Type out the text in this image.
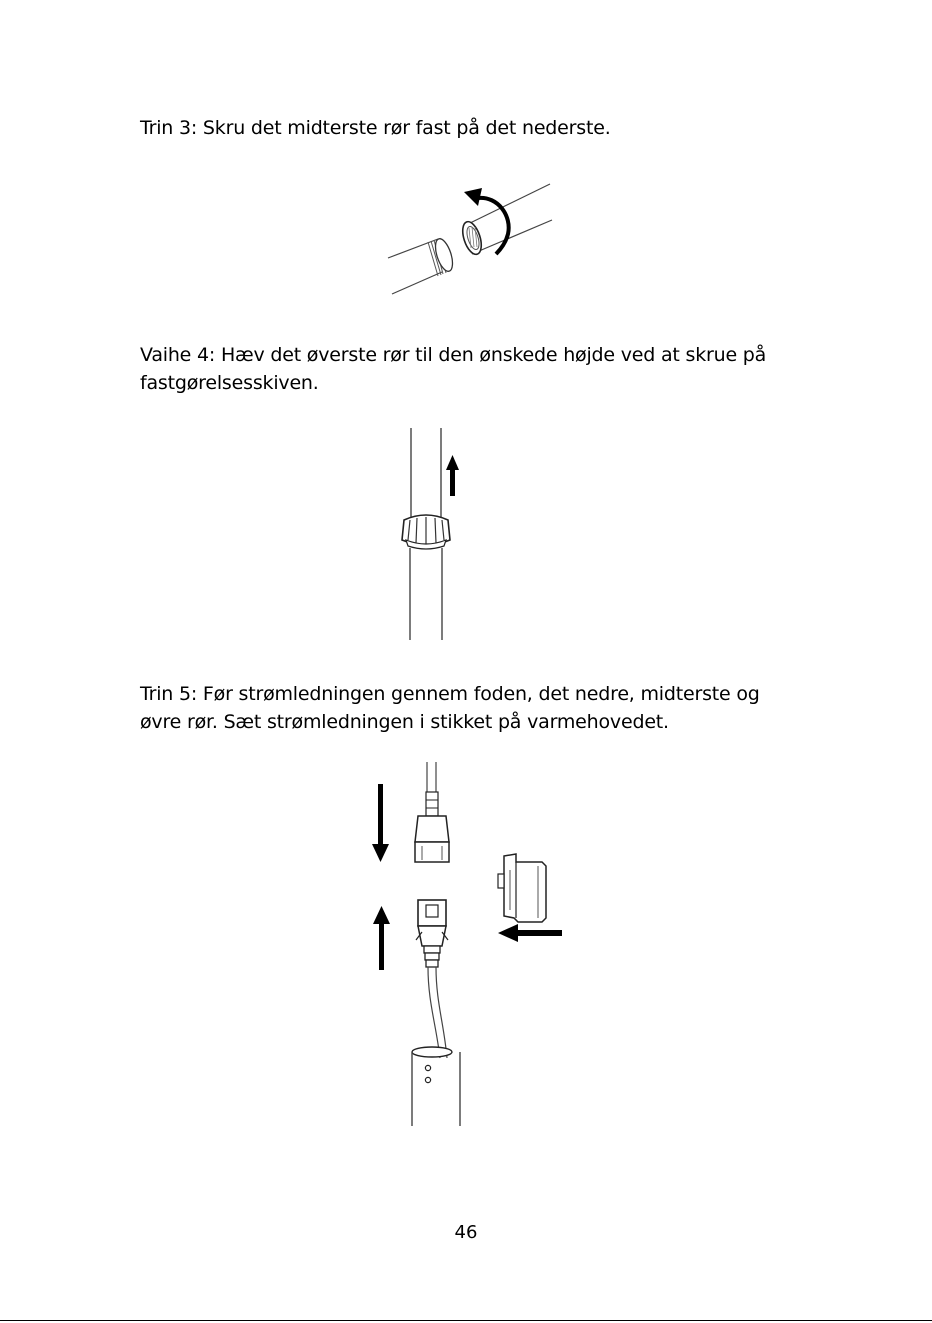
Trin 3: Skru det midterste rør fast på det nederste.
Vaihe 4: Hæv det øverste rør til den ønskede højde ved at skrue på fastgørelsesskiven.
Trin 5: Før strømledningen gennem foden, det nedre, midterste og øvre rør. Sæt strømledningen i stikket på varmehovedet.
46
